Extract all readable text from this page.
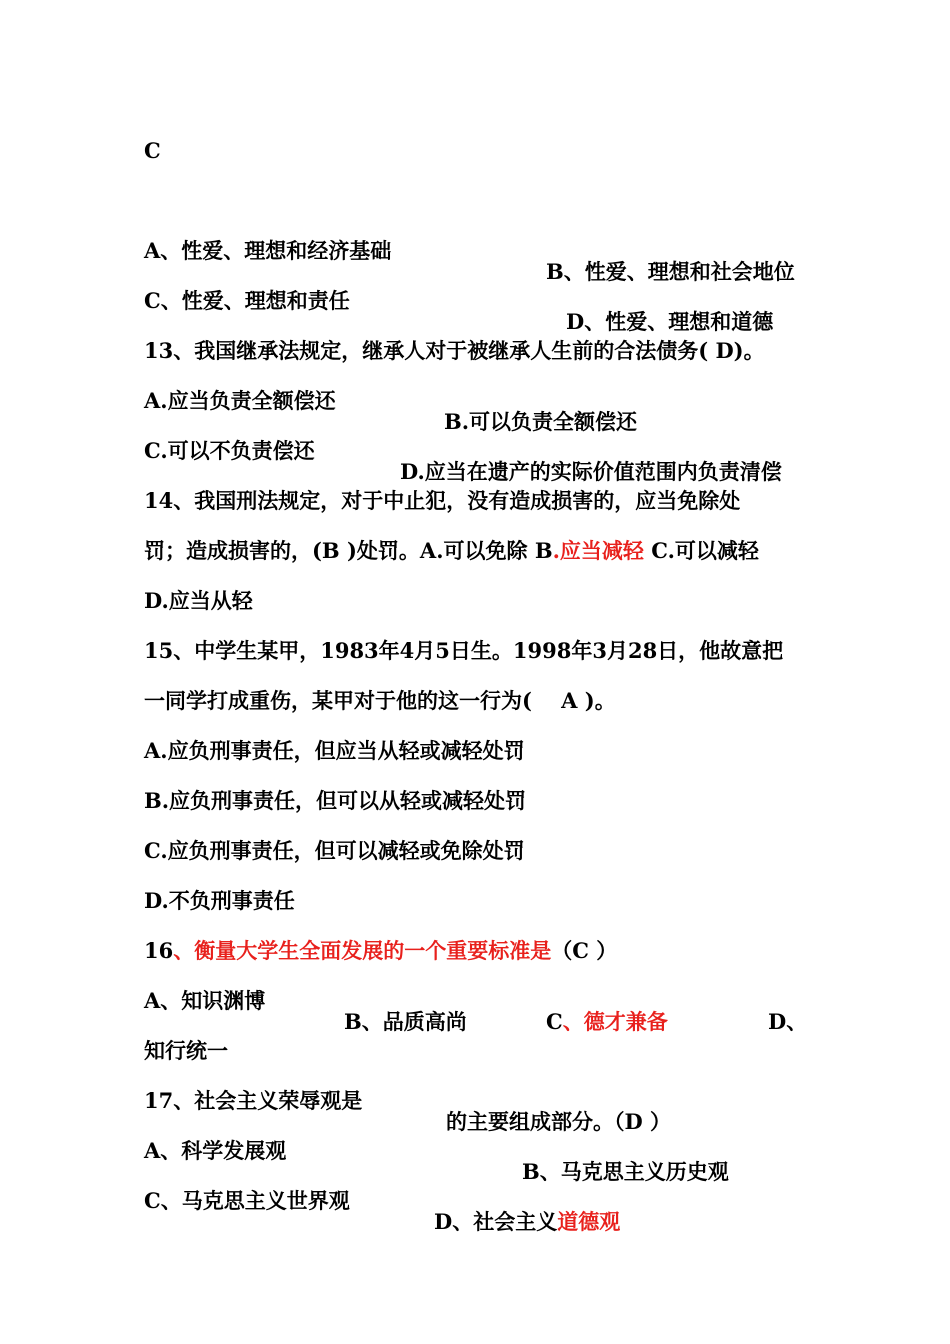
C

A、性爱、理想和经济基础

B、性爱、理想和社会地位

C、性爱、理想和责任

D、性爱、理想和道德

13、我国继承法规定，继承人对于被继承人生前的合法债务( D)。

A.应当负责全额偿还

B.可以负责全额偿还

C.可以不负责偿还

D.应当在遗产的实际价值范围内负责清偿

14、我国刑法规定，对于中止犯，没有造成损害的，应当免除处

罚；造成损害的，(B )处罚。A.可以免除 B.应当减轻 C.可以减轻

D.应当从轻

15、中学生某甲，1983年4月5日生。1998年3月28日，他故意把

一同学打成重伤，某甲对于他的这一行为(    A )。

A.应负刑事责任，但应当从轻或减轻处罚

B.应负刑事责任，但可以从轻或减轻处罚

C.应负刑事责任，但可以减轻或免除处罚

D.不负刑事责任

16、衡量大学生全面发展的一个重要标准是（C ）

A、知识渊博

B、品质高尚	C、德才兼备	D、

知行统一

17、社会主义荣辱观是

的主要组成部分。（D ）

A、科学发展观

B、马克思主义历史观

C、马克思主义世界观

D、社会主义道德观
